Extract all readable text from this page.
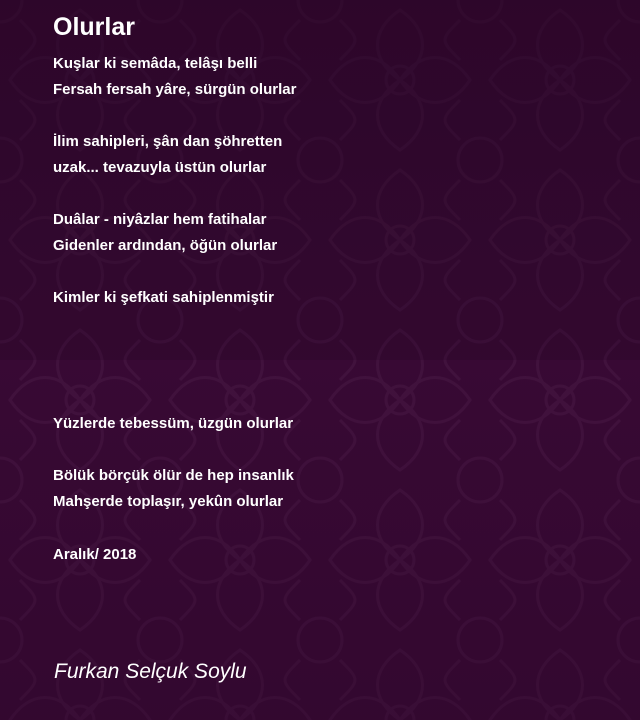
Olurlar
Kuşlar ki semâda, telâşı belli
Fersah fersah yâre, sürgün olurlar
İlim sahipleri, şân dan şöhretten
uzak... tevazuyla üstün olurlar
Duâlar - niyâzlar hem fatihalar
Gidenler ardından, öğün olurlar
Kimler ki şefkati sahiplenmiştir
Yüzlerde tebessüm, üzgün olurlar
Bölük börçük ölür de hep insanlık
Mahşerde toplaşır, yekûn olurlar
Aralık/ 2018
Furkan Selçuk Soylu
